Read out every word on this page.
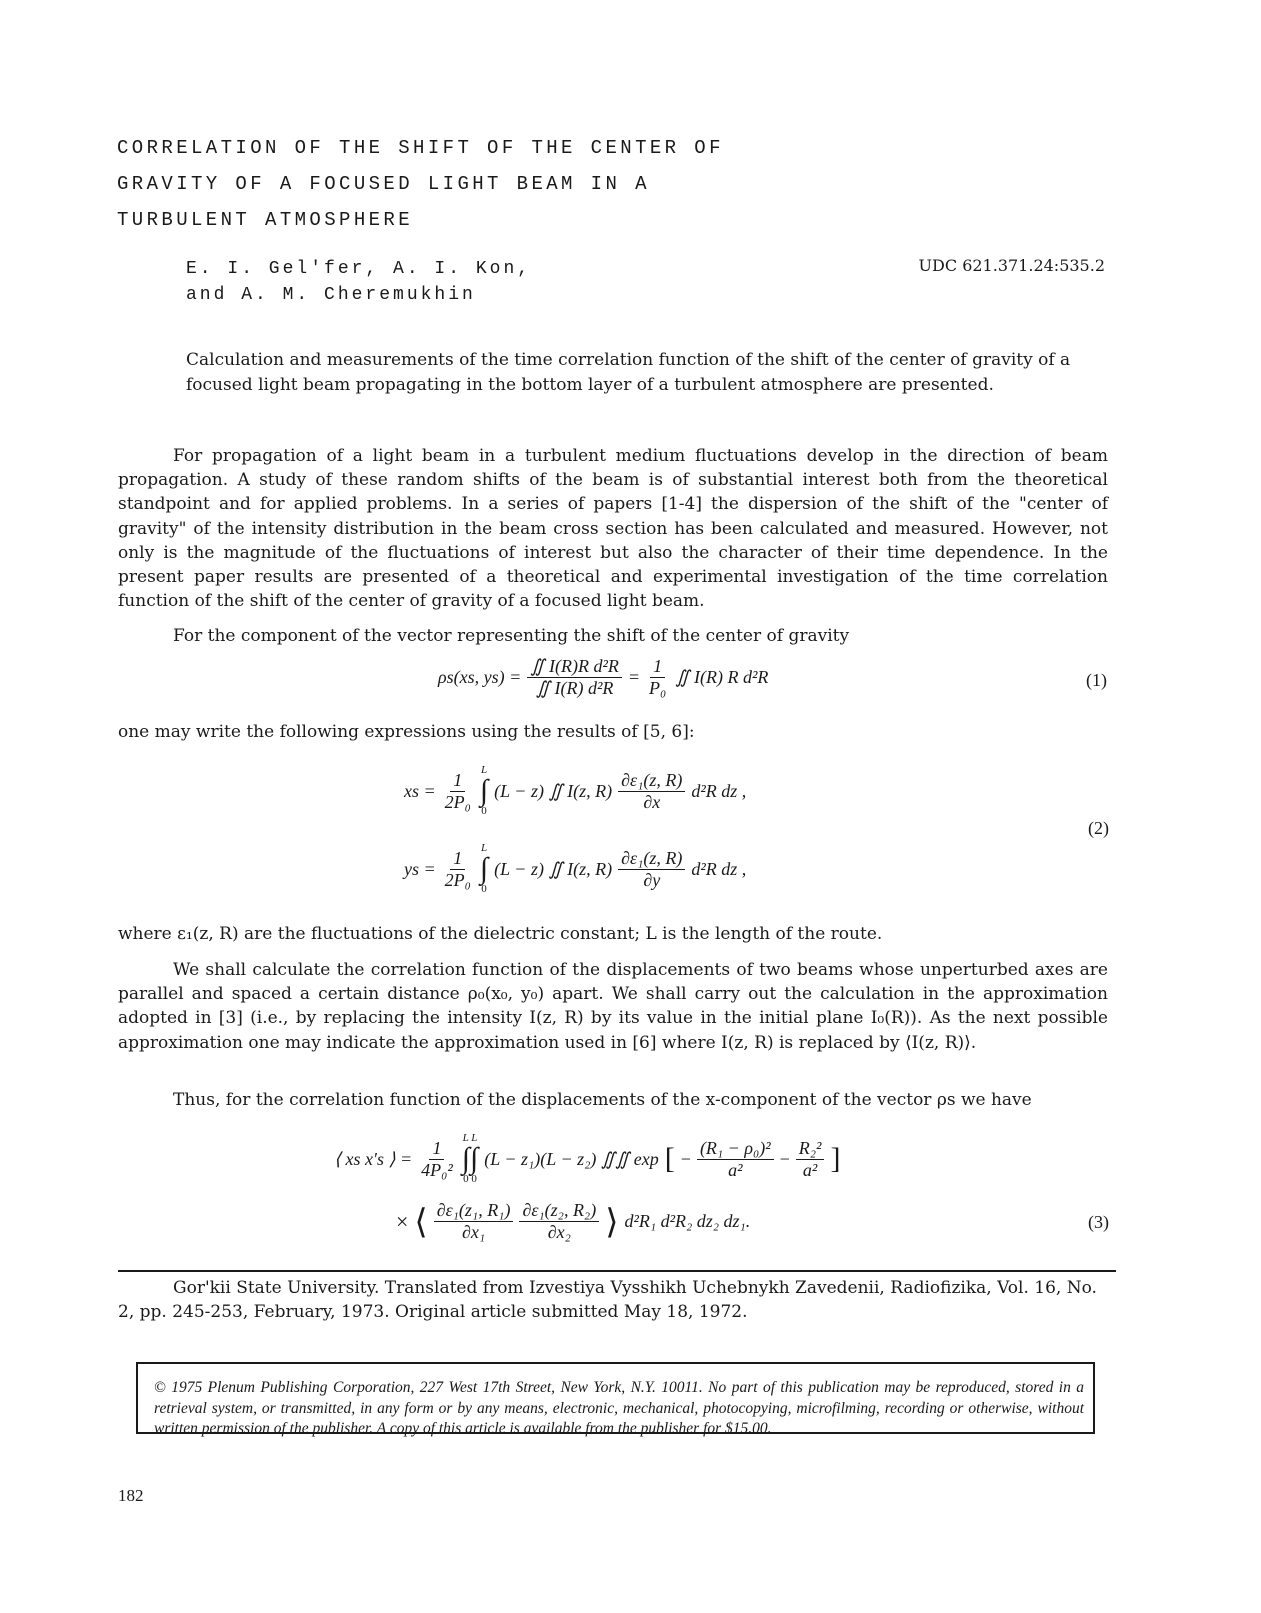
CORRELATION OF THE SHIFT OF THE CENTER OF
GRAVITY OF A FOCUSED LIGHT BEAM IN A
TURBULENT ATMOSPHERE
E. I. Gel'fer, A. I. Kon,
and A. M. Cheremukhin
UDC 621.371.24:535.2
Calculation and measurements of the time correlation function of the shift of the center of gravity of a focused light beam propagating in the bottom layer of a turbulent atmosphere are presented.
For propagation of a light beam in a turbulent medium fluctuations develop in the direction of beam propagation. A study of these random shifts of the beam is of substantial interest both from the theoretical standpoint and for applied problems. In a series of papers [1-4] the dispersion of the shift of the "center of gravity" of the intensity distribution in the beam cross section has been calculated and measured. However, not only is the magnitude of the fluctuations of interest but also the character of their time dependence. In the present paper results are presented of a theoretical and experimental investigation of the time correlation function of the shift of the center of gravity of a focused light beam.
For the component of the vector representing the shift of the center of gravity
ρs(xs, $ys) = \frac{\text{∬ I(R)R d²R}}{\text{∬ I(R) d²R}} = \frac{1}{\text{P₀}}$ ∬ I(R) R d²R	(1)
one may write the following expressions using the results of [5, 6]:
xs = $\frac{1}{\text{2P₀}}$ L
∫
0
(L − z) ∬ I(z, $R) \frac{\text{∂ε₁(z, R)}}{\partial x} d^2R$ dz ,
ys = $\frac{1}{\text{2P₀}}$ L
∫
0
(L − z) ∬ I(z, $R) \frac{\text{∂ε₁(z, R)}}{\partial y} d^2R$ dz ,
(2)
where ε₁(z, R) are the fluctuations of the dielectric constant; L is the length of the route.
We shall calculate the correlation function of the displacements of two beams whose unperturbed axes are parallel and spaced a certain distance ρ₀(x₀, y₀) apart. We shall carry out the calculation in the approximation adopted in [3] (i.e., by replacing the intensity I(z, R) by its value in the initial plane I₀(R)). As the next possible approximation one may indicate the approximation used in [6] where I(z, R) is replaced by ⟨I(z, R)⟩.
Thus, for the correlation function of the displacements of the x-component of the vector ρs we have
⟨ xs x′s ⟩ = $\frac{1}{\text{4P₀²}}$ L L
∫∫
0 0
(L − z₁)(L − z₂) ∬∬ exp [ − $\frac{\text{(R₁ − ρ₀)²}}{\text{a²}} - \frac{\text{R₂²}}{\text{a²}}$ ]
× ⟨ $\frac{\text{∂ε₁(z₁, R₁)}}{\text{∂x₁}} \frac{\text{∂ε₁(z₂, R₂)}}{\text{∂x₂}}$ ⟩ d²R₁ d²R₂ dz₂ dz₁.	(3)
Gor'kii State University. Translated from Izvestiya Vysshikh Uchebnykh Zavedenii, Radiofizika, Vol. 16, No. 2, pp. 245-253, February, 1973. Original article submitted May 18, 1972.
© 1975 Plenum Publishing Corporation, 227 West 17th Street, New York, N.Y. 10011. No part of this publication may be reproduced, stored in a retrieval system, or transmitted, in any form or by any means, electronic, mechanical, photocopying, microfilming, recording or otherwise, without written permission of the publisher. A copy of this article is available from the publisher for $15.00.
182
